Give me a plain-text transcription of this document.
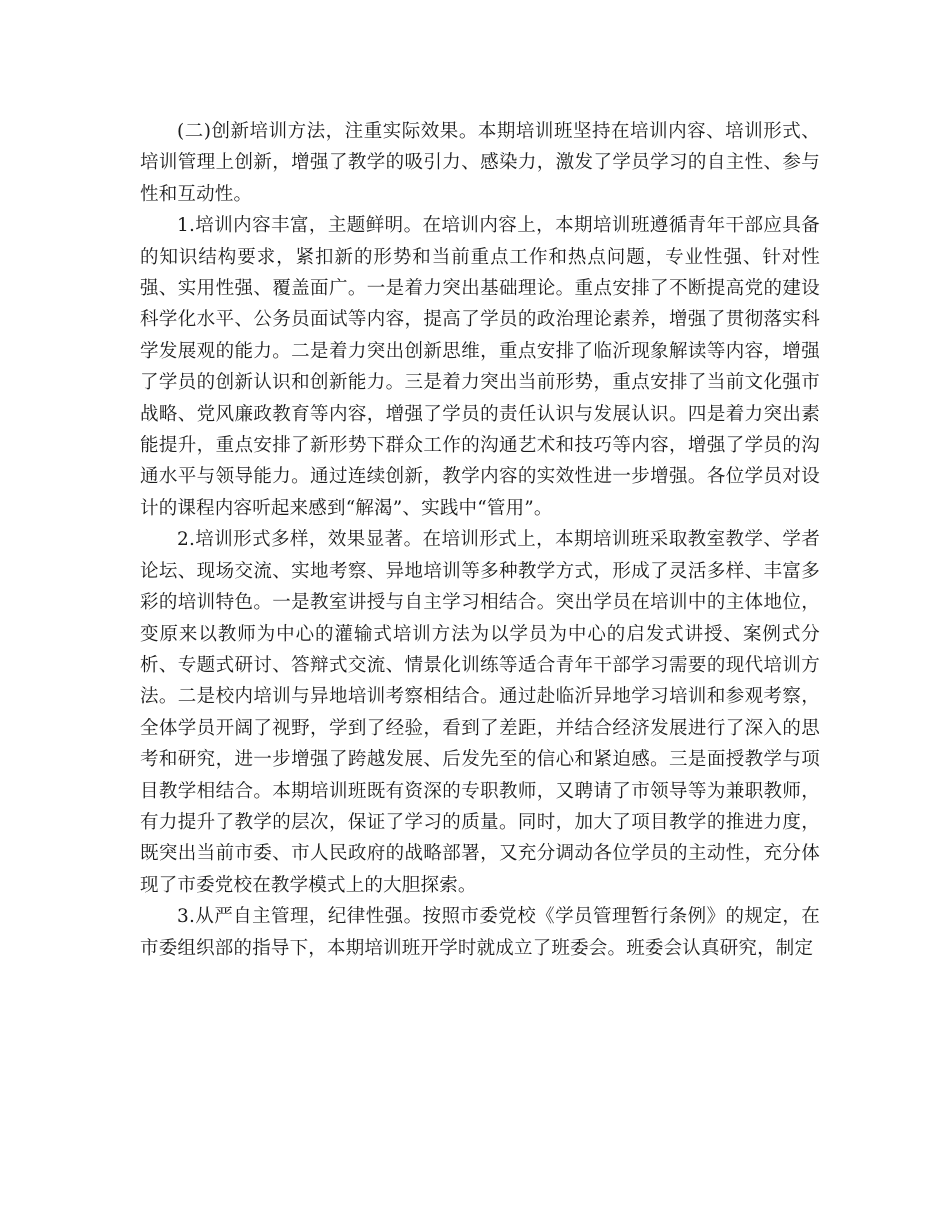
(二)创新培训方法，注重实际效果。本期培训班坚持在培训内容、培训形式、培训管理上创新，增强了教学的吸引力、感染力，激发了学员学习的自主性、参与性和互动性。

1.培训内容丰富，主题鲜明。在培训内容上，本期培训班遵循青年干部应具备的知识结构要求，紧扣新的形势和当前重点工作和热点问题，专业性强、针对性强、实用性强、覆盖面广。一是着力突出基础理论。重点安排了不断提高党的建设科学化水平、公务员面试等内容，提高了学员的政治理论素养，增强了贯彻落实科学发展观的能力。二是着力突出创新思维，重点安排了临沂现象解读等内容，增强了学员的创新认识和创新能力。三是着力突出当前形势，重点安排了当前文化强市战略、党风廉政教育等内容，增强了学员的责任认识与发展认识。四是着力突出素能提升，重点安排了新形势下群众工作的沟通艺术和技巧等内容，增强了学员的沟通水平与领导能力。通过连续创新，教学内容的实效性进一步增强。各位学员对设计的课程内容听起来感到“解渴”、实践中“管用”。

2.培训形式多样，效果显著。在培训形式上，本期培训班采取教室教学、学者论坛、现场交流、实地考察、异地培训等多种教学方式，形成了灵活多样、丰富多彩的培训特色。一是教室讲授与自主学习相结合。突出学员在培训中的主体地位，变原来以教师为中心的灌输式培训方法为以学员为中心的启发式讲授、案例式分析、专题式研讨、答辩式交流、情景化训练等适合青年干部学习需要的现代培训方法。二是校内培训与异地培训考察相结合。通过赴临沂异地学习培训和参观考察，全体学员开阔了视野，学到了经验，看到了差距，并结合经济发展进行了深入的思考和研究，进一步增强了跨越发展、后发先至的信心和紧迫感。三是面授教学与项目教学相结合。本期培训班既有资深的专职教师，又聘请了市领导等为兼职教师，有力提升了教学的层次，保证了学习的质量。同时，加大了项目教学的推进力度，既突出当前市委、市人民政府的战略部署，又充分调动各位学员的主动性，充分体现了市委党校在教学模式上的大胆探索。

3.从严自主管理，纪律性强。按照市委党校《学员管理暂行条例》的规定，在市委组织部的指导下，本期培训班开学时就成立了班委会。班委会认真研究，制定
